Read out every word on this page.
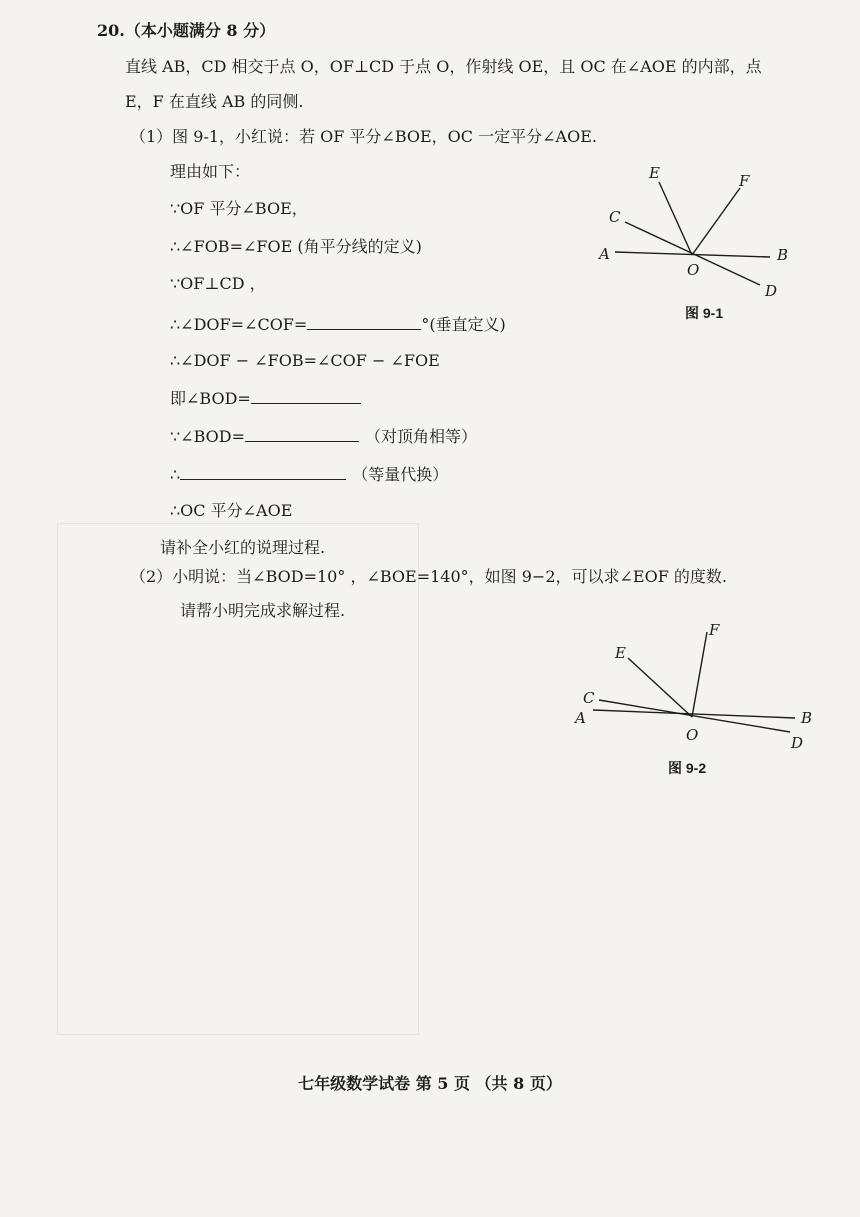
20.（本小题满分 8 分）
直线 AB，CD 相交于点 O，OF⊥CD 于点 O，作射线 OE，且 OC 在∠AOE 的内部，点
E，F 在直线 AB 的同侧.
（1）图 9-1，小红说：若 OF 平分∠BOE，OC 一定平分∠AOE.
理由如下：
∵OF 平分∠BOE，
∴∠FOB=∠FOE (角平分线的定义)
∵OF⊥CD ，
∴∠DOF=∠COF=	°(垂直定义)
∴∠DOF − ∠FOB=∠COF − ∠FOE
即∠BOD=
∵∠BOD=	（对顶角相等）
∴	（等量代换）
∴OC 平分∠AOE
请补全小红的说理过程.
（2）小明说：当∠BOD=10° ，∠BOE=140°，如图 9−2，可以求∠EOF 的度数.
请帮小明完成求解过程.
E	F
C
A	B
O
D
图 9-1
E
F
C
A	B
O	D
图 9-2
七年级数学试卷 第 5 页 （共 8 页）
